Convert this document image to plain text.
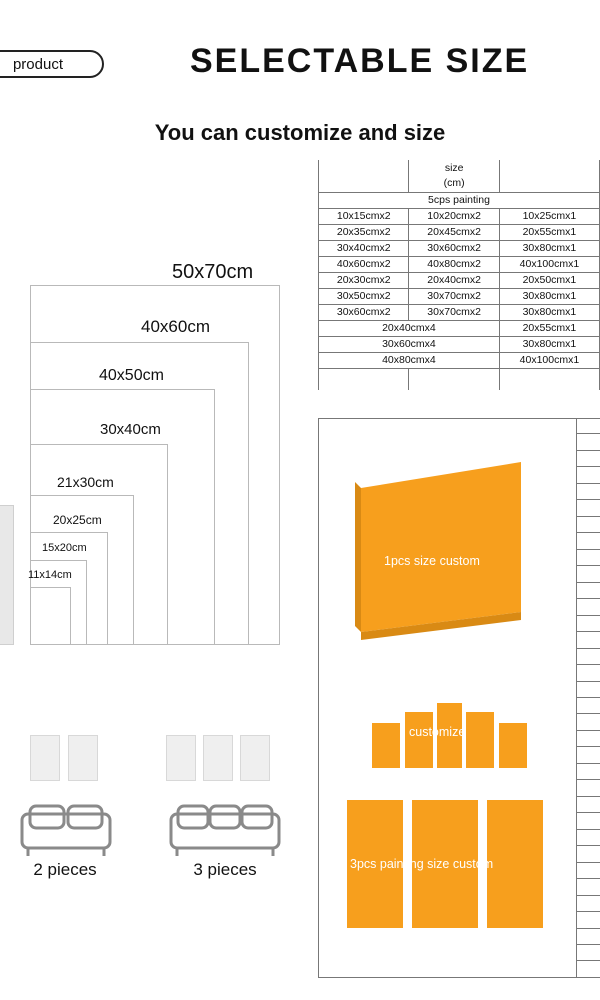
product	SELECTABLE SIZE
You can customize and size
50x70cm
40x60cm
40x50cm
30x40cm
21x30cm
20x25cm
15x20cm
11x14cm
2 pieces	3 pieces
	size	
	(cm)	
5cps painting		
10x15cmx2	10x20cmx2	10x25cmx1
20x35cmx2	20x45cmx2	20x55cmx1
30x40cmx2	30x60cmx2	30x80cmx1
40x60cmx2	40x80cmx2	40x100cmx1
20x30cmx2	20x40cmx2	20x50cmx1
30x50cmx2	30x70cmx2	30x80cmx1
30x60cmx2	30x70cmx2	30x80cmx1
20x40cmx4		20x55cmx1
30x60cmx4		30x80cmx1
40x80cmx4		40x100cmx1

1pcs size custom
customize
3pcs painting size custom
